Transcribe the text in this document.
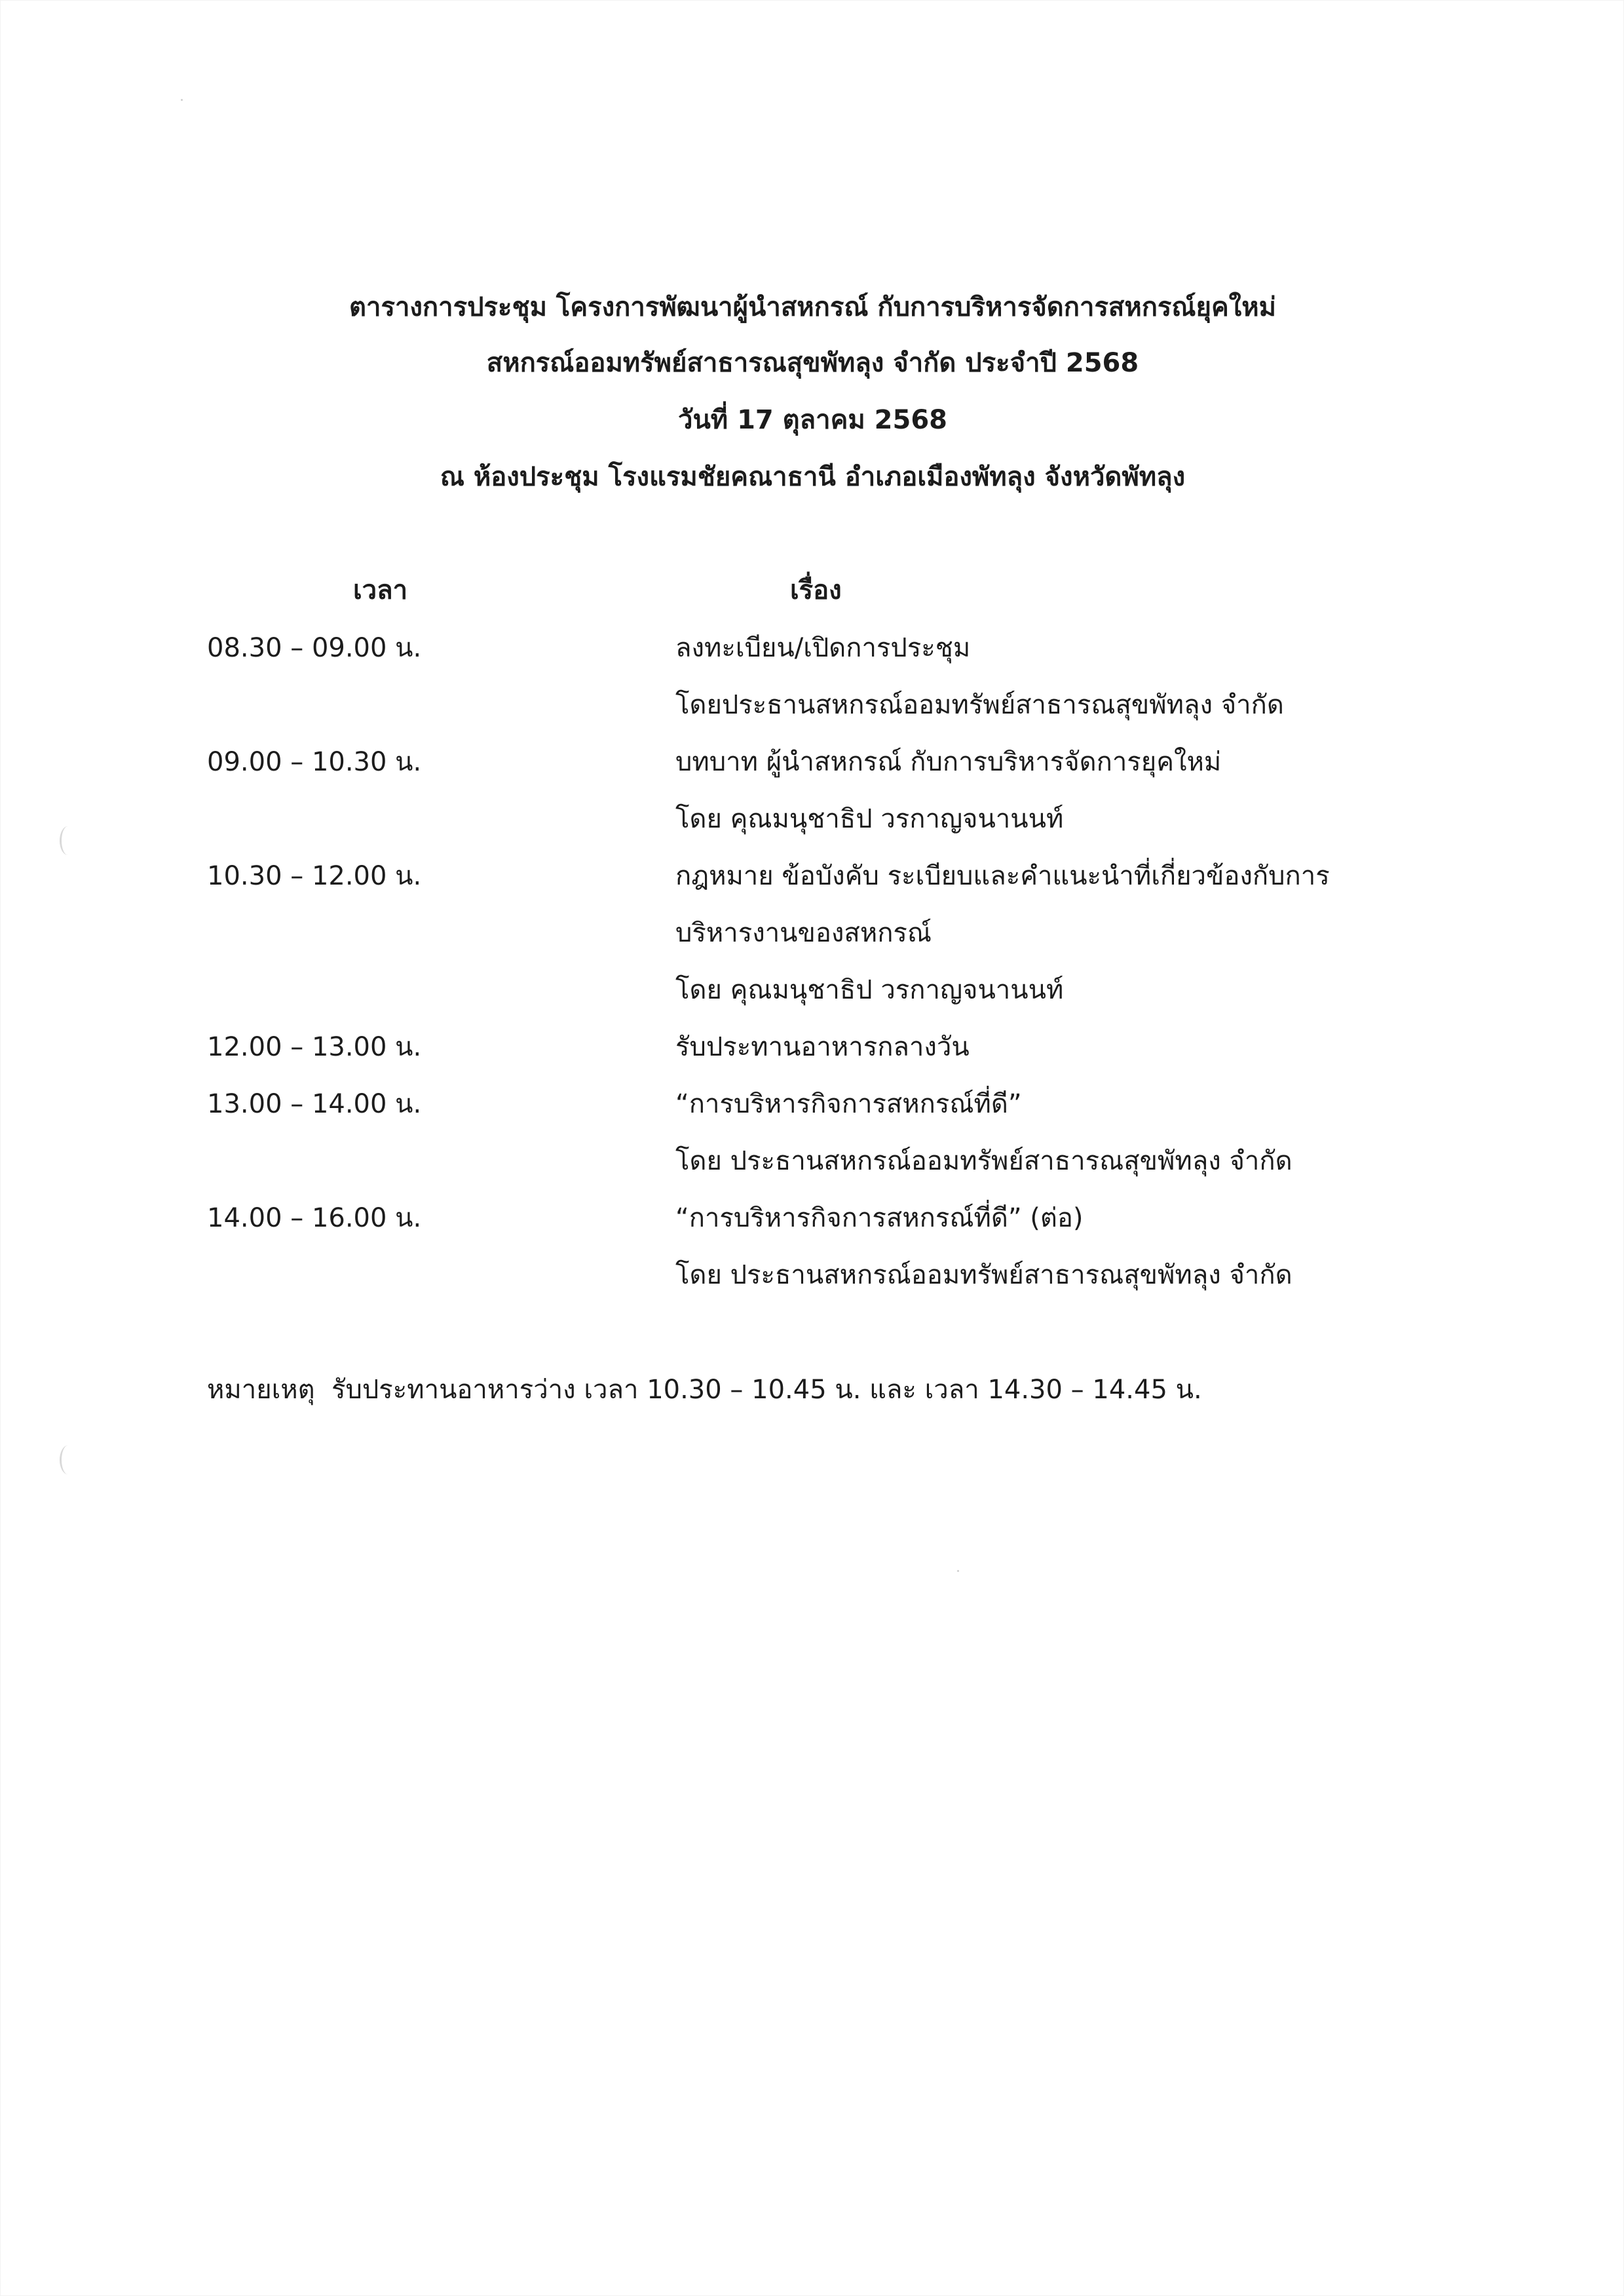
ตารางการประชุม โครงการพัฒนาผู้นำสหกรณ์ กับการบริหารจัดการสหกรณ์ยุคใหม่
สหกรณ์ออมทรัพย์สาธารณสุขพัทลุง จำกัด ประจำปี 2568
วันที่ 17 ตุลาคม 2568
ณ ห้องประชุม โรงแรมชัยคณาธานี อำเภอเมืองพัทลุง จังหวัดพัทลุง
เวลา	เรื่อง
08.30 – 09.00 น.	ลงทะเบียน/เปิดการประชุม
โดยประธานสหกรณ์ออมทรัพย์สาธารณสุขพัทลุง จำกัด
09.00 – 10.30 น.	บทบาท ผู้นำสหกรณ์ กับการบริหารจัดการยุคใหม่
โดย คุณมนุชาธิป วรกาญจนานนท์
10.30 – 12.00 น.	กฎหมาย ข้อบังคับ ระเบียบและคำแนะนำที่เกี่ยวข้องกับการ
บริหารงานของสหกรณ์
โดย คุณมนุชาธิป วรกาญจนานนท์
12.00 – 13.00 น.	รับประทานอาหารกลางวัน
13.00 – 14.00 น.	“การบริหารกิจการสหกรณ์ที่ดี”
โดย ประธานสหกรณ์ออมทรัพย์สาธารณสุขพัทลุง จำกัด
14.00 – 16.00 น.	“การบริหารกิจการสหกรณ์ที่ดี” (ต่อ)
โดย ประธานสหกรณ์ออมทรัพย์สาธารณสุขพัทลุง จำกัด
หมายเหตุ รับประทานอาหารว่าง เวลา 10.30 – 10.45 น. และ เวลา 14.30 – 14.45 น.
